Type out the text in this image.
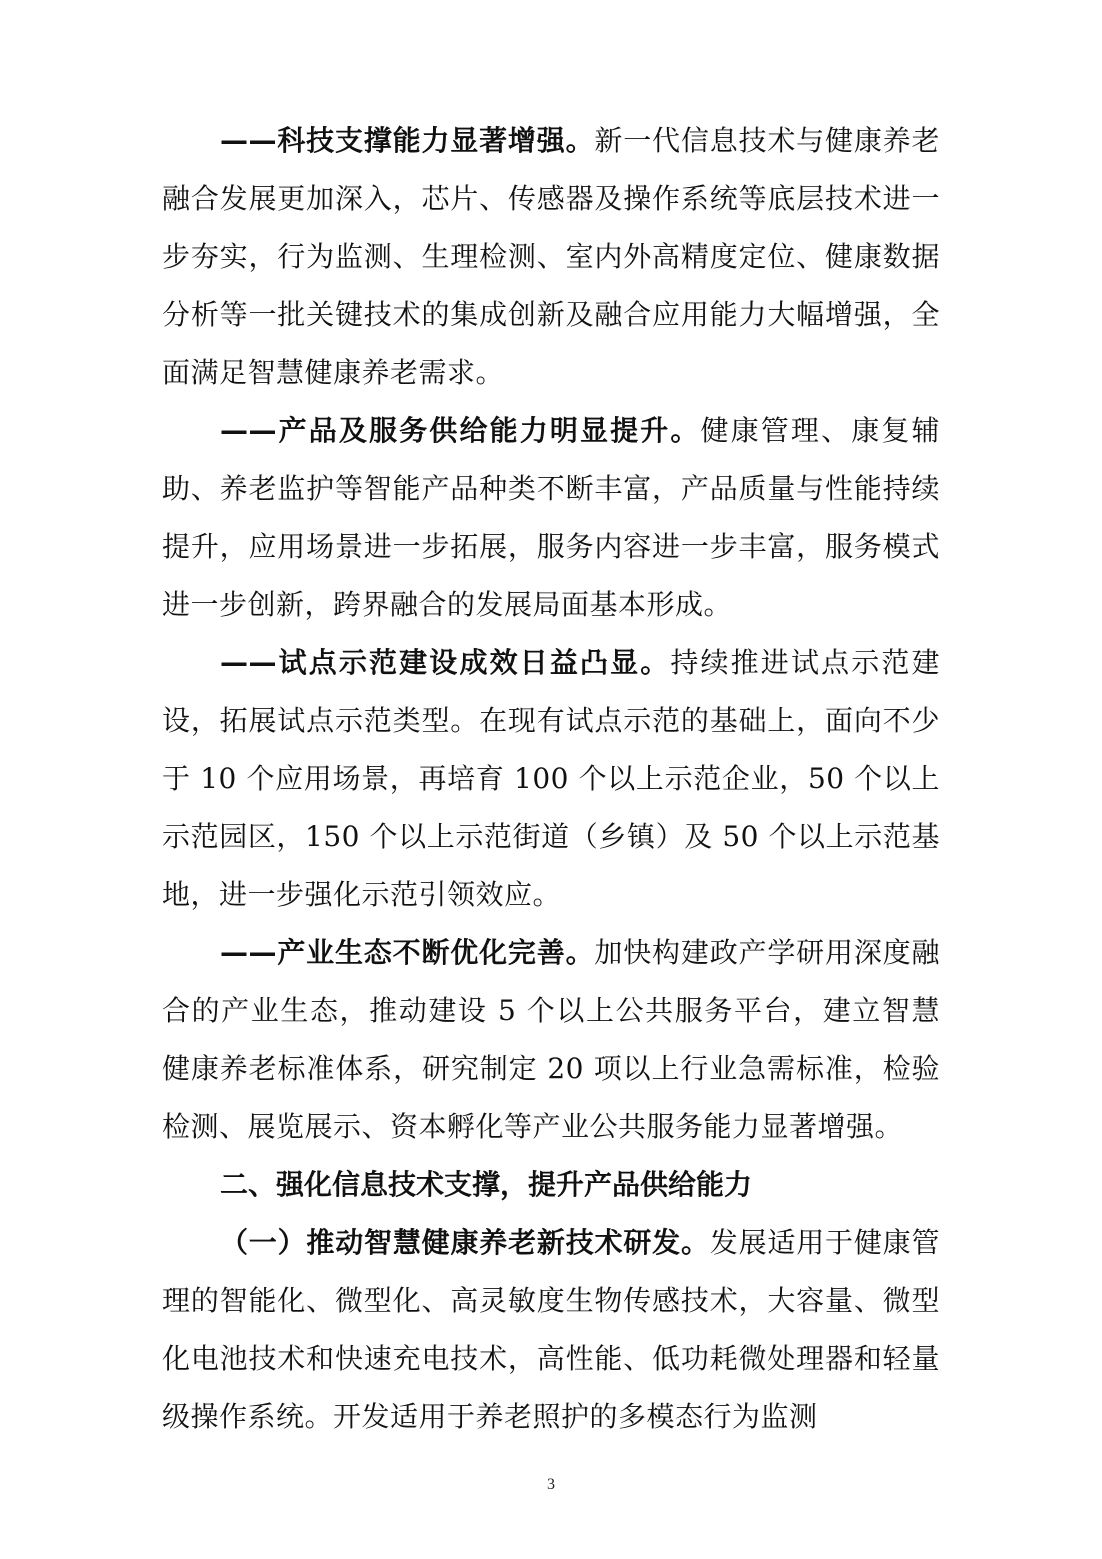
——科技支撑能力显著增强。新一代信息技术与健康养老融合发展更加深入，芯片、传感器及操作系统等底层技术进一步夯实，行为监测、生理检测、室内外高精度定位、健康数据分析等一批关键技术的集成创新及融合应用能力大幅增强，全面满足智慧健康养老需求。

——产品及服务供给能力明显提升。健康管理、康复辅助、养老监护等智能产品种类不断丰富，产品质量与性能持续提升，应用场景进一步拓展，服务内容进一步丰富，服务模式进一步创新，跨界融合的发展局面基本形成。

——试点示范建设成效日益凸显。持续推进试点示范建设，拓展试点示范类型。在现有试点示范的基础上，面向不少于 10 个应用场景，再培育 100 个以上示范企业，50 个以上示范园区，150 个以上示范街道（乡镇）及 50 个以上示范基地，进一步强化示范引领效应。

——产业生态不断优化完善。加快构建政产学研用深度融合的产业生态，推动建设 5 个以上公共服务平台，建立智慧健康养老标准体系，研究制定 20 项以上行业急需标准，检验检测、展览展示、资本孵化等产业公共服务能力显著增强。

二、强化信息技术支撑，提升产品供给能力

（一）推动智慧健康养老新技术研发。发展适用于健康管理的智能化、微型化、高灵敏度生物传感技术，大容量、微型化电池技术和快速充电技术，高性能、低功耗微处理器和轻量级操作系统。开发适用于养老照护的多模态行为监测

3
